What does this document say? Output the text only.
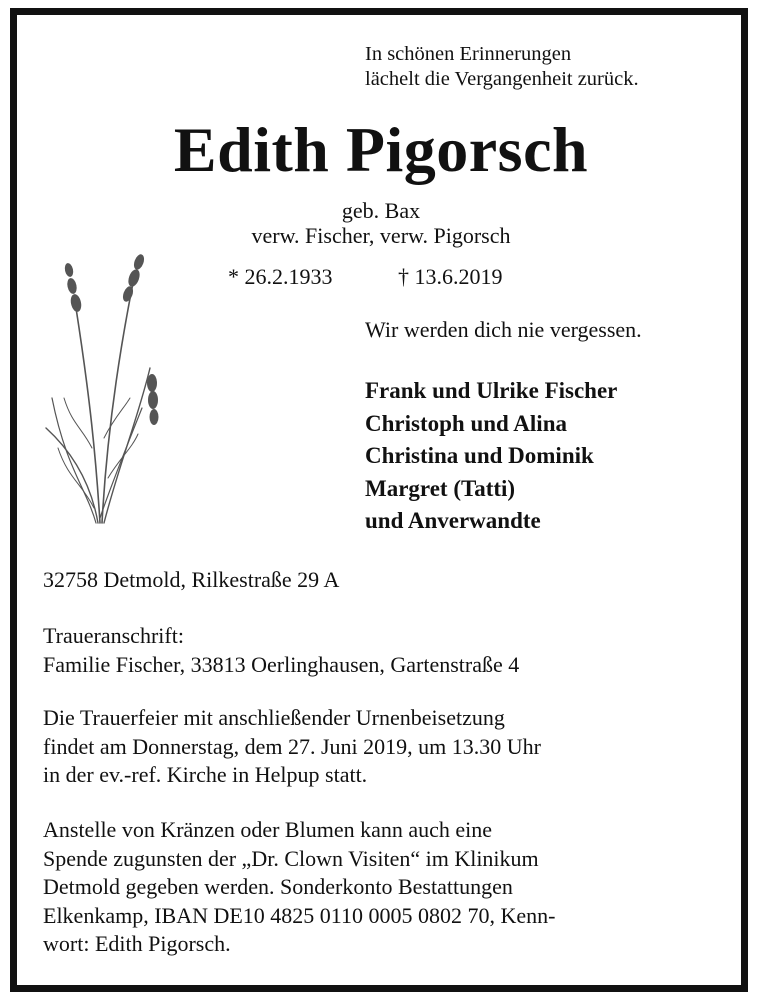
In schönen Erinnerungen
lächelt die Vergangenheit zurück.
Edith Pigorsch
geb. Bax
verw. Fischer, verw. Pigorsch
* 26.2.1933	† 13.6.2019
Wir werden dich nie vergessen.
Frank und Ulrike Fischer
Christoph und Alina
Christina und Dominik
Margret (Tatti)
und Anverwandte
32758 Detmold, Rilkestraße 29 A
Traueranschrift:
Familie Fischer, 33813 Oerlinghausen, Gartenstraße 4
Die Trauerfeier mit anschließender Urnenbeisetzung
findet am Donnerstag, dem 27. Juni 2019, um 13.30 Uhr
in der ev.-ref. Kirche in Helpup statt.
Anstelle von Kränzen oder Blumen kann auch eine
Spende zugunsten der „Dr. Clown Visiten“ im Klinikum
Detmold gegeben werden. Sonderkonto Bestattungen
Elkenkamp, IBAN DE10 4825 0110 0005 0802 70, Kenn-
wort: Edith Pigorsch.
